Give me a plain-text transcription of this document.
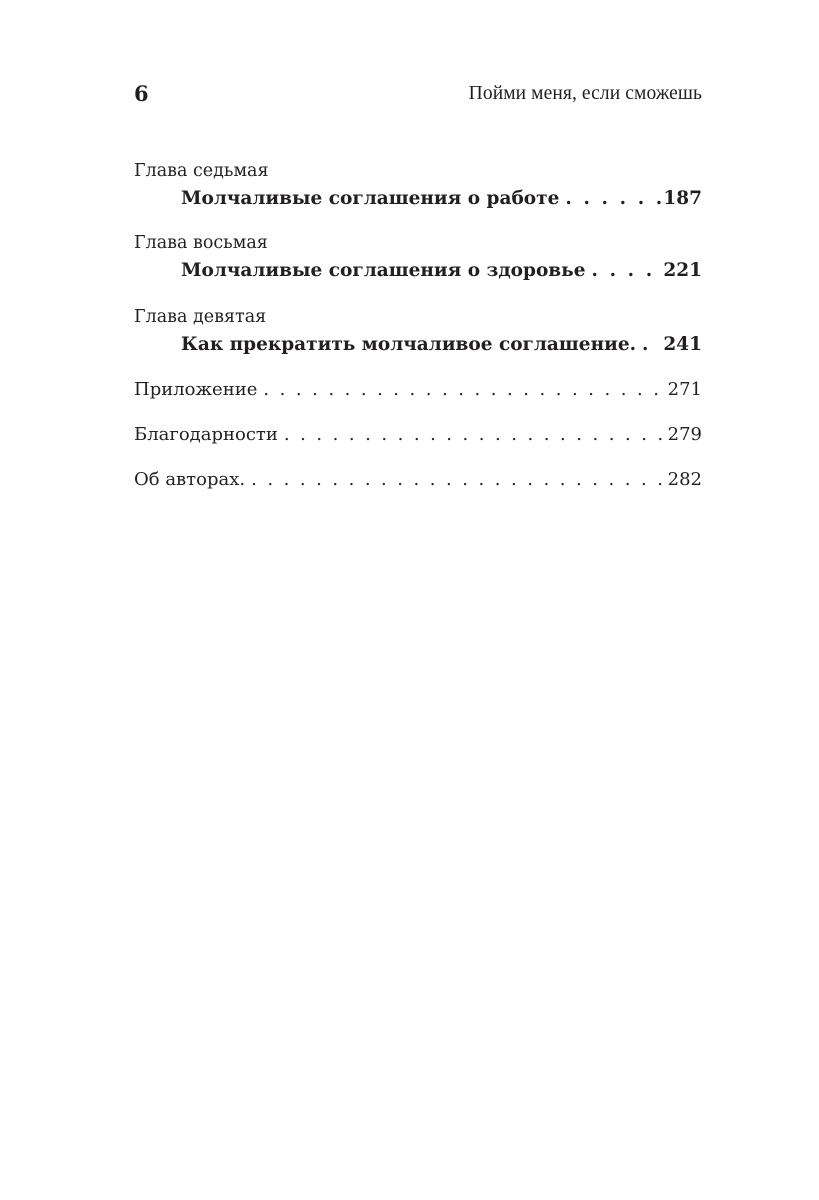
6	Пойми меня, если сможешь
Глава седьмая
Молчаливые соглашения о работе . . .	187
Глава восьмая
Молчаливые соглашения о здоровье . . .	221
Глава девятая
Как прекратить молчаливое соглашение. . . . 241
Приложение . . .	271
Благодарности . . .	279
Об авторах. . . .	282
